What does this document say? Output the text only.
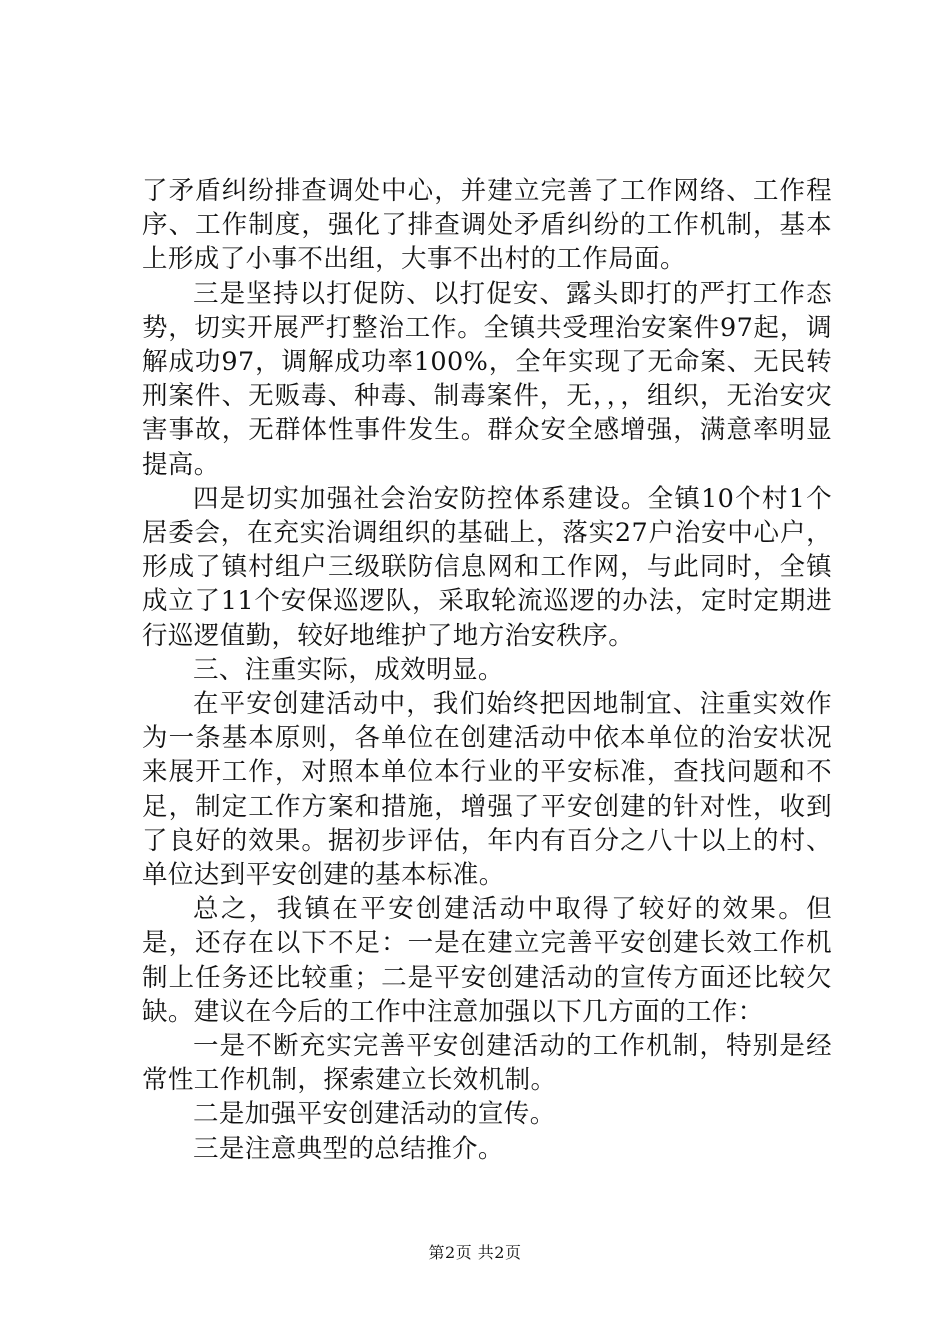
了矛盾纠纷排查调处中心，并建立完善了工作网络、工作程序、工作制度，强化了排查调处矛盾纠纷的工作机制，基本上形成了小事不出组，大事不出村的工作局面。

三是坚持以打促防、以打促安、露头即打的严打工作态势，切实开展严打整治工作。全镇共受理治安案件97起，调解成功97，调解成功率100%，全年实现了无命案、无民转刑案件、无贩毒、种毒、制毒案件，无，，，组织，无治安灾害事故，无群体性事件发生。群众安全感增强，满意率明显提高。

四是切实加强社会治安防控体系建设。全镇10个村1个居委会，在充实治调组织的基础上，落实27户治安中心户，形成了镇村组户三级联防信息网和工作网，与此同时，全镇成立了11个安保巡逻队，采取轮流巡逻的办法，定时定期进行巡逻值勤，较好地维护了地方治安秩序。

三、注重实际，成效明显。

在平安创建活动中，我们始终把因地制宜、注重实效作为一条基本原则，各单位在创建活动中依本单位的治安状况来展开工作，对照本单位本行业的平安标准，查找问题和不足，制定工作方案和措施，增强了平安创建的针对性，收到了良好的效果。据初步评估，年内有百分之八十以上的村、单位达到平安创建的基本标准。

总之，我镇在平安创建活动中取得了较好的效果。但是，还存在以下不足：一是在建立完善平安创建长效工作机制上任务还比较重；二是平安创建活动的宣传方面还比较欠缺。建议在今后的工作中注意加强以下几方面的工作：

一是不断充实完善平安创建活动的工作机制，特别是经常性工作机制，探索建立长效机制。

二是加强平安创建活动的宣传。

三是注意典型的总结推介。

第2页 共2页
